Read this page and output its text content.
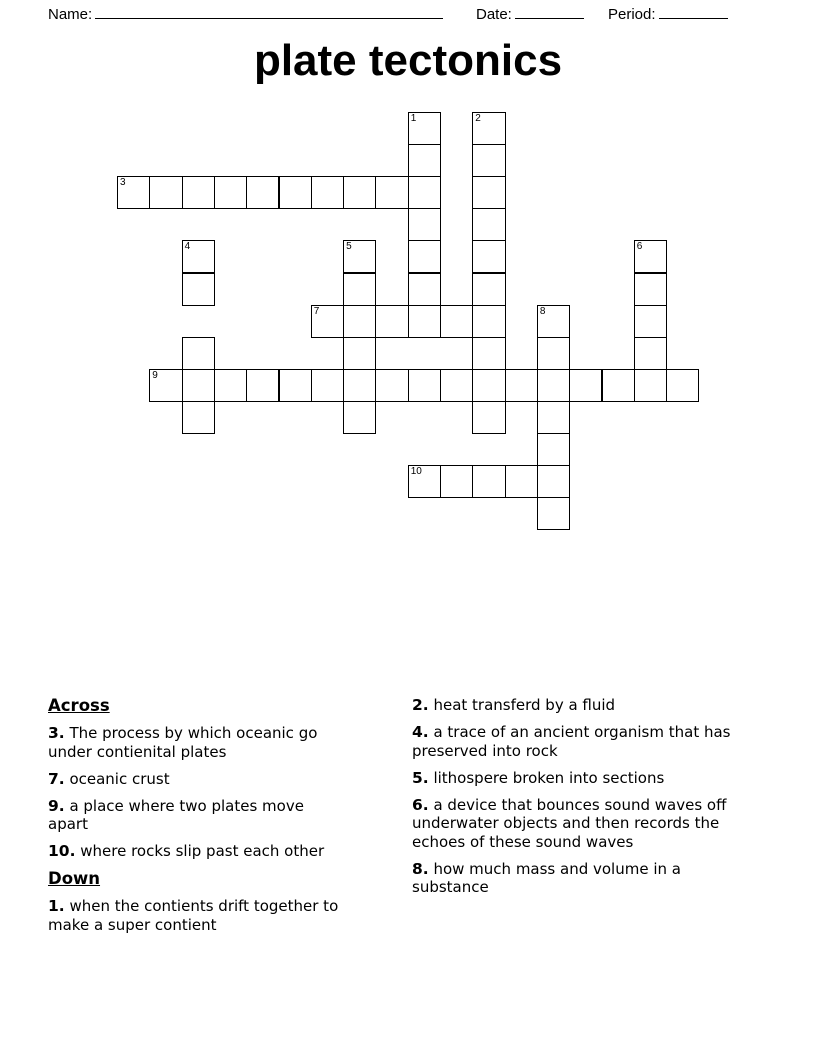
Name:	Date:	Period:
plate tectonics
1	2
3
4	5	6
7	8
9
10
Across

3. The process by which oceanic go under contienital plates

7. oceanic crust

9. a place where two plates move apart

10. where rocks slip past each other

Down

1. when the contients drift together to make a super contient

2. heat transferd by a fluid

4. a trace of an ancient organism that has preserved into rock

5. lithospere broken into sections

6. a device that bounces sound waves off underwater objects and then records the echoes of these sound waves

8. how much mass and volume in a substance
